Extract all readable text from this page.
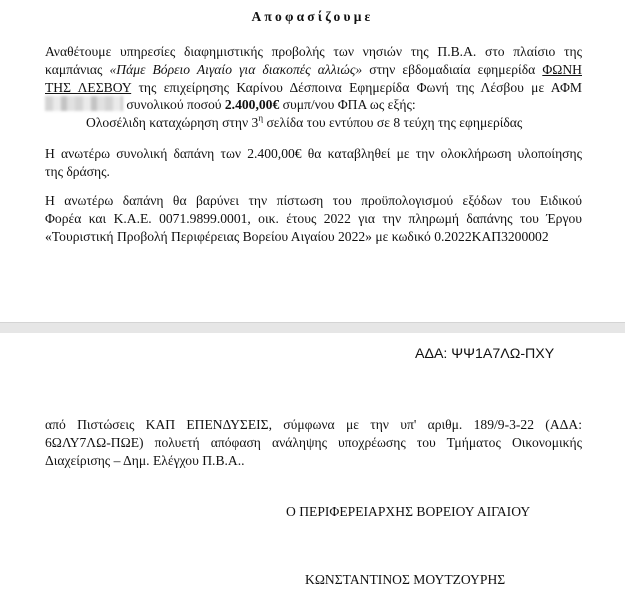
Αποφασίζουμε
Αναθέτουμε υπηρεσίες διαφημιστικής προβολής των νησιών της Π.Β.Α. στο πλαίσιο της
καμπάνιας «Πάμε Βόρειο Αιγαίο για διακοπές αλλιώς» στην εβδομαδιαία εφημερίδα ΦΩΝΗ
ΤΗΣ ΛΕΣΒΟΥ της επιχείρησης Καρίνου Δέσποινα Εφημερίδα Φωνή της Λέσβου με ΑΦΜ
συνολικού ποσού 2.400,00€ συμπ/νου ΦΠΑ ως εξής:
Ολοσέλιδη καταχώρηση στην $3^\eta$ σελίδα του εντύπου σε 8 τεύχη της εφημερίδας
Η ανωτέρω συνολική δαπάνη των 2.400,00€ θα καταβληθεί με την ολοκλήρωση υλοποίησης
της δράσης.
Η ανωτέρω δαπάνη θα βαρύνει την πίστωση του προϋπολογισμού εξόδων του Ειδικού
Φορέα και Κ.Α.Ε. 0071.9899.0001, οικ. έτους 2022 για την πληρωμή δαπάνης του Έργου
«Τουριστική Προβολή Περιφέρειας Βορείου Αιγαίου 2022» με κωδικό 0.2022ΚΑΠ3200002
ΑΔΑ: ΨΨ1Α7ΛΩ-ΠΧΥ
από Πιστώσεις ΚΑΠ ΕΠΕΝΔΥΣΕΙΣ, σύμφωνα με την υπ' αριθμ. 189/9-3-22 (ΑΔΑ:
6ΩΛΥ7ΛΩ-ΠΩΕ) πολυετή απόφαση ανάληψης υποχρέωσης του Τμήματος Οικονομικής
Διαχείρισης – Δημ. Ελέγχου Π.Β.Α..
Ο ΠΕΡΙΦΕΡΕΙΑΡΧΗΣ ΒΟΡΕΙΟΥ ΑΙΓΑΙΟΥ
ΚΩΝΣΤΑΝΤΙΝΟΣ ΜΟΥΤΖΟΥΡΗΣ
